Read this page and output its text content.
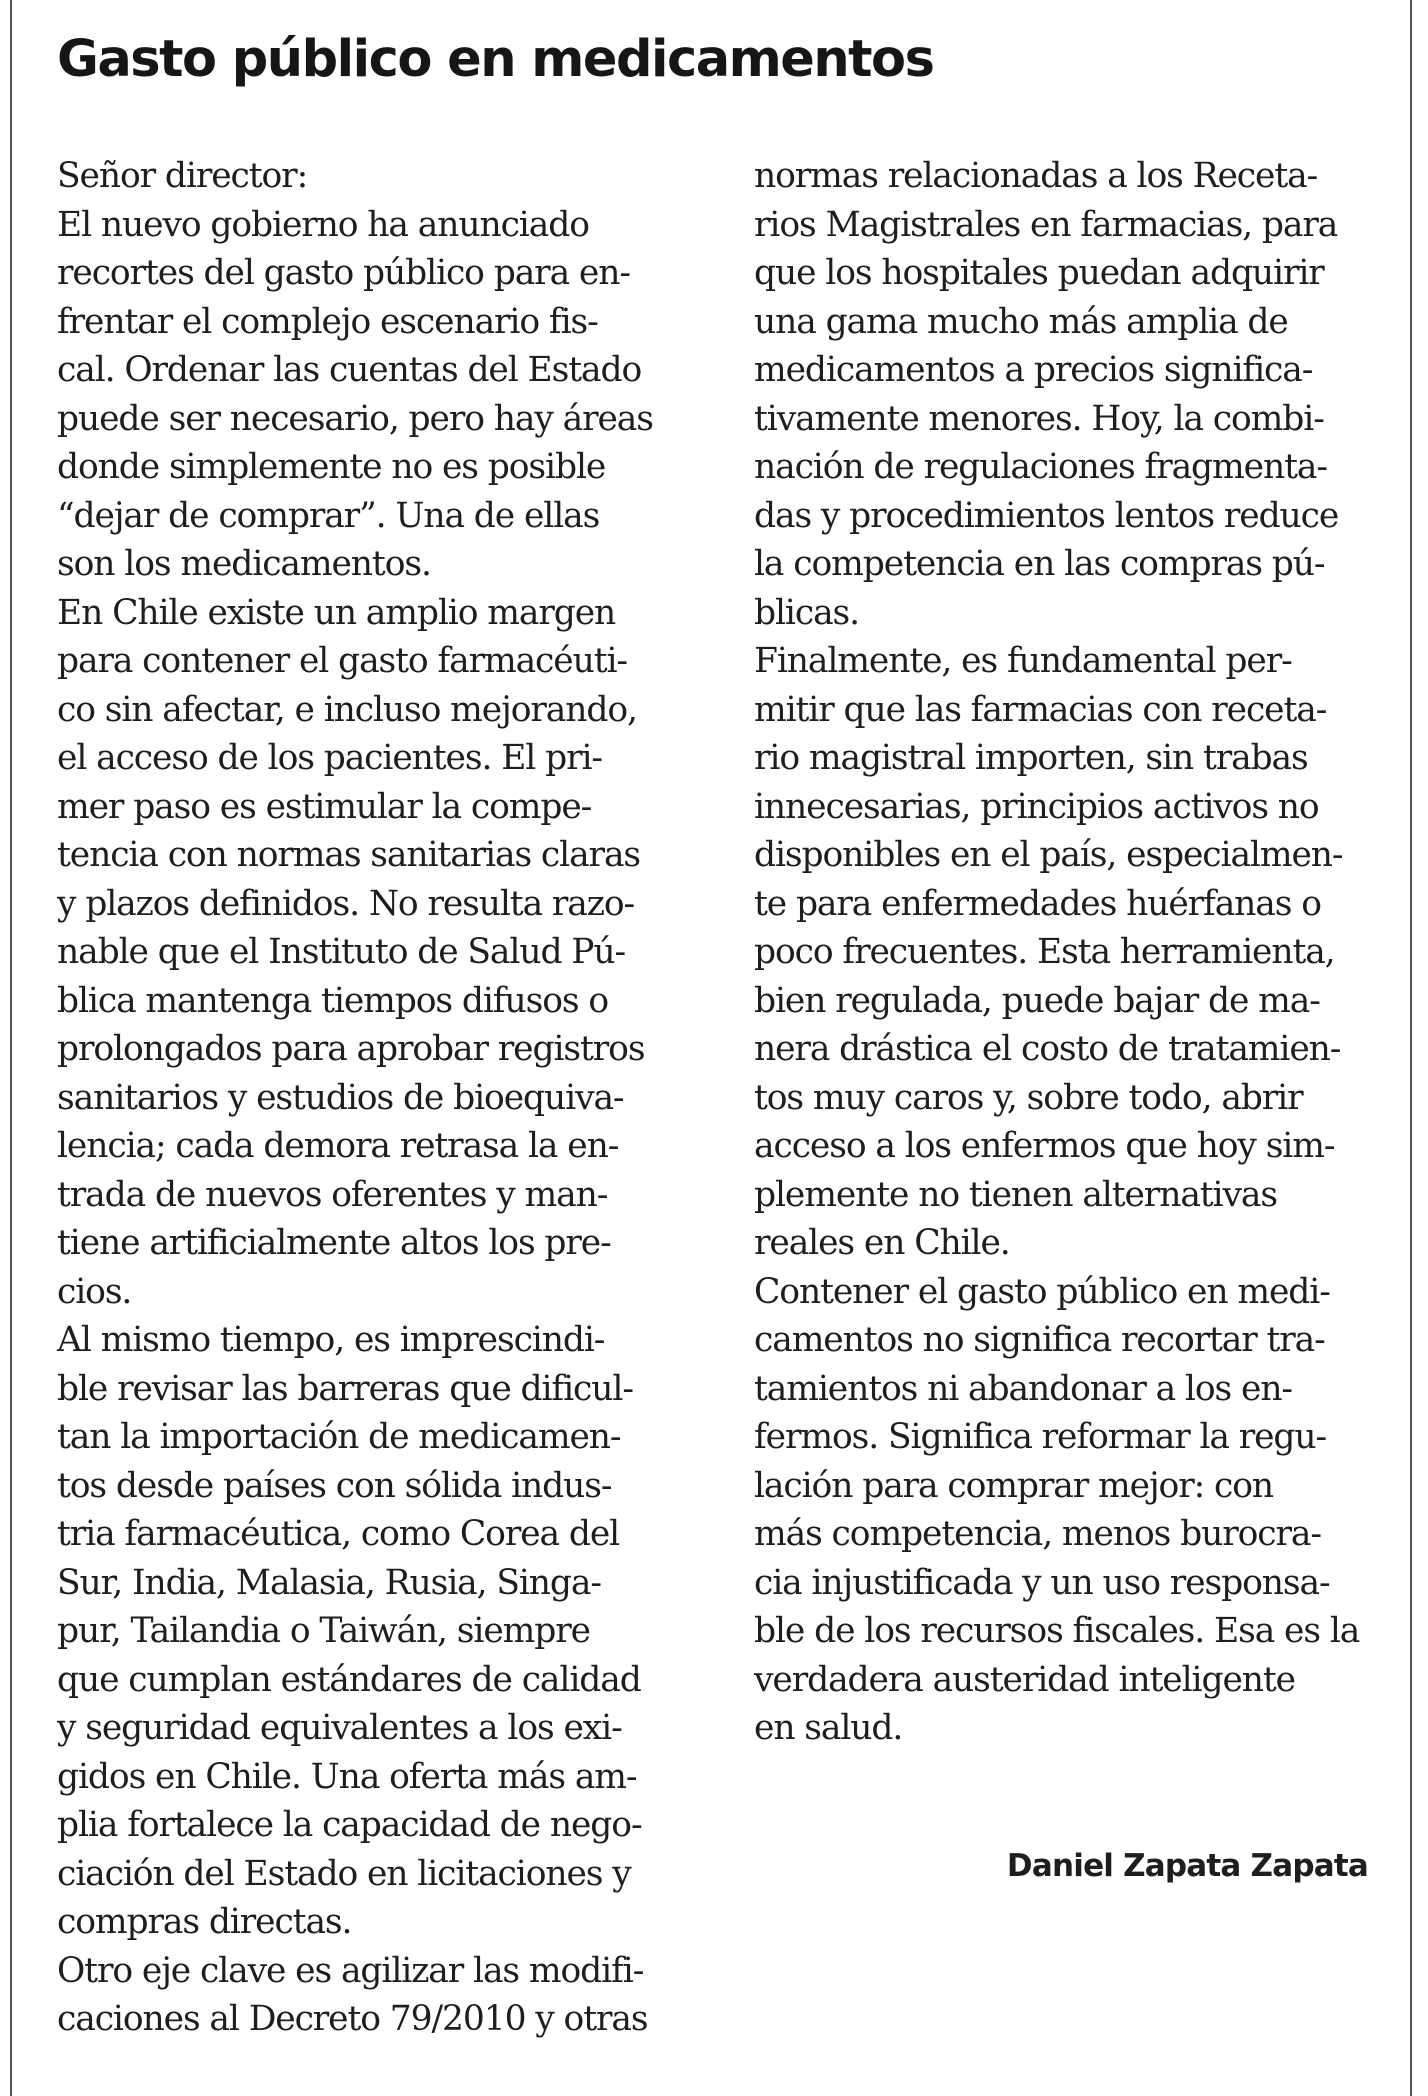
Gasto público en medicamentos
Señor director:
El nuevo gobierno ha anunciado
recortes del gasto público para en-
frentar el complejo escenario fis-
cal. Ordenar las cuentas del Estado
puede ser necesario, pero hay áreas
donde simplemente no es posible
“dejar de comprar”. Una de ellas
son los medicamentos.
En Chile existe un amplio margen
para contener el gasto farmacéuti-
co sin afectar, e incluso mejorando,
el acceso de los pacientes. El pri-
mer paso es estimular la compe-
tencia con normas sanitarias claras
y plazos definidos. No resulta razo-
nable que el Instituto de Salud Pú-
blica mantenga tiempos difusos o
prolongados para aprobar registros
sanitarios y estudios de bioequiva-
lencia; cada demora retrasa la en-
trada de nuevos oferentes y man-
tiene artificialmente altos los pre-
cios.
Al mismo tiempo, es imprescindi-
ble revisar las barreras que dificul-
tan la importación de medicamen-
tos desde países con sólida indus-
tria farmacéutica, como Corea del
Sur, India, Malasia, Rusia, Singa-
pur, Tailandia o Taiwán, siempre
que cumplan estándares de calidad
y seguridad equivalentes a los exi-
gidos en Chile. Una oferta más am-
plia fortalece la capacidad de nego-
ciación del Estado en licitaciones y
compras directas.
Otro eje clave es agilizar las modifi-
caciones al Decreto 79/2010 y otras
normas relacionadas a los Receta-
rios Magistrales en farmacias, para
que los hospitales puedan adquirir
una gama mucho más amplia de
medicamentos a precios significa-
tivamente menores. Hoy, la combi-
nación de regulaciones fragmenta-
das y procedimientos lentos reduce
la competencia en las compras pú-
blicas.
Finalmente, es fundamental per-
mitir que las farmacias con receta-
rio magistral importen, sin trabas
innecesarias, principios activos no
disponibles en el país, especialmen-
te para enfermedades huérfanas o
poco frecuentes. Esta herramienta,
bien regulada, puede bajar de ma-
nera drástica el costo de tratamien-
tos muy caros y, sobre todo, abrir
acceso a los enfermos que hoy sim-
plemente no tienen alternativas
reales en Chile.
Contener el gasto público en medi-
camentos no significa recortar tra-
tamientos ni abandonar a los en-
fermos. Significa reformar la regu-
lación para comprar mejor: con
más competencia, menos burocra-
cia injustificada y un uso responsa-
ble de los recursos fiscales. Esa es la
verdadera austeridad inteligente
en salud.

Daniel Zapata Zapata
